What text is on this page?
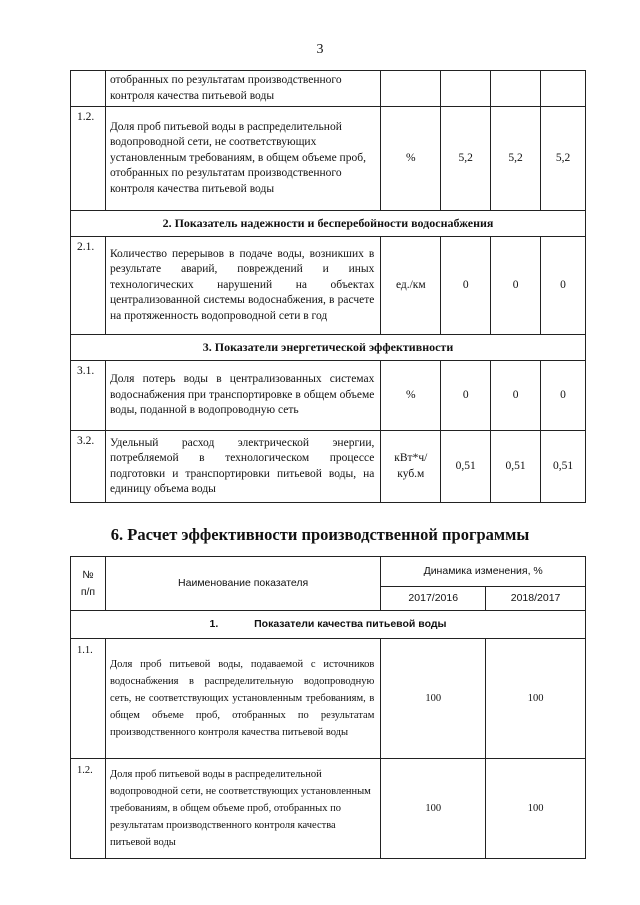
3
	отобранных по результатам производственного контроля качества питьевой воды				
1.2.	Доля проб питьевой воды в распределительной водопроводной сети, не соответствующих установленным требованиям, в общем объеме проб, отобранных по результатам производственного контроля качества питьевой воды	%	5,2	5,2	5,2
2. Показатель надежности и бесперебойности водоснабжения					
2.1.	Количество перерывов в подаче воды, возникших в результате аварий, повреждений и иных технологических нарушений на объектах централизованной системы водоснабжения, в расчете на протяженность водопроводной сети в год	ед./км	0	0	0
3. Показатели энергетической эффективности					
3.1.	Доля потерь воды в централизованных системах водоснабжения при транспортировке в общем объеме воды, поданной в водопроводную сеть	%	0	0	0
3.2.	Удельный расход электрической энергии, потребляемой в технологическом процессе подготовки и транспортировки питьевой воды, на единицу объема воды	кВт*ч/ куб.м	0,51	0,51	0,51
6. Расчет эффективности производственной программы
№ п/п	Наименование показателя	Динамика изменения, %	
		2017/2016	2018/2017
1. Показатели качества питьевой воды			
1.1.	Доля проб питьевой воды, подаваемой с источников водоснабжения в распределительную водопроводную сеть, не соответствующих установленным требованиям, в общем объеме проб, отобранных по результатам производственного контроля качества питьевой воды	100	100
1.2.	Доля проб питьевой воды в распределительной водопроводной сети, не соответствующих установленным требованиям, в общем объеме проб, отобранных по результатам производственного контроля качества питьевой воды	100	100
